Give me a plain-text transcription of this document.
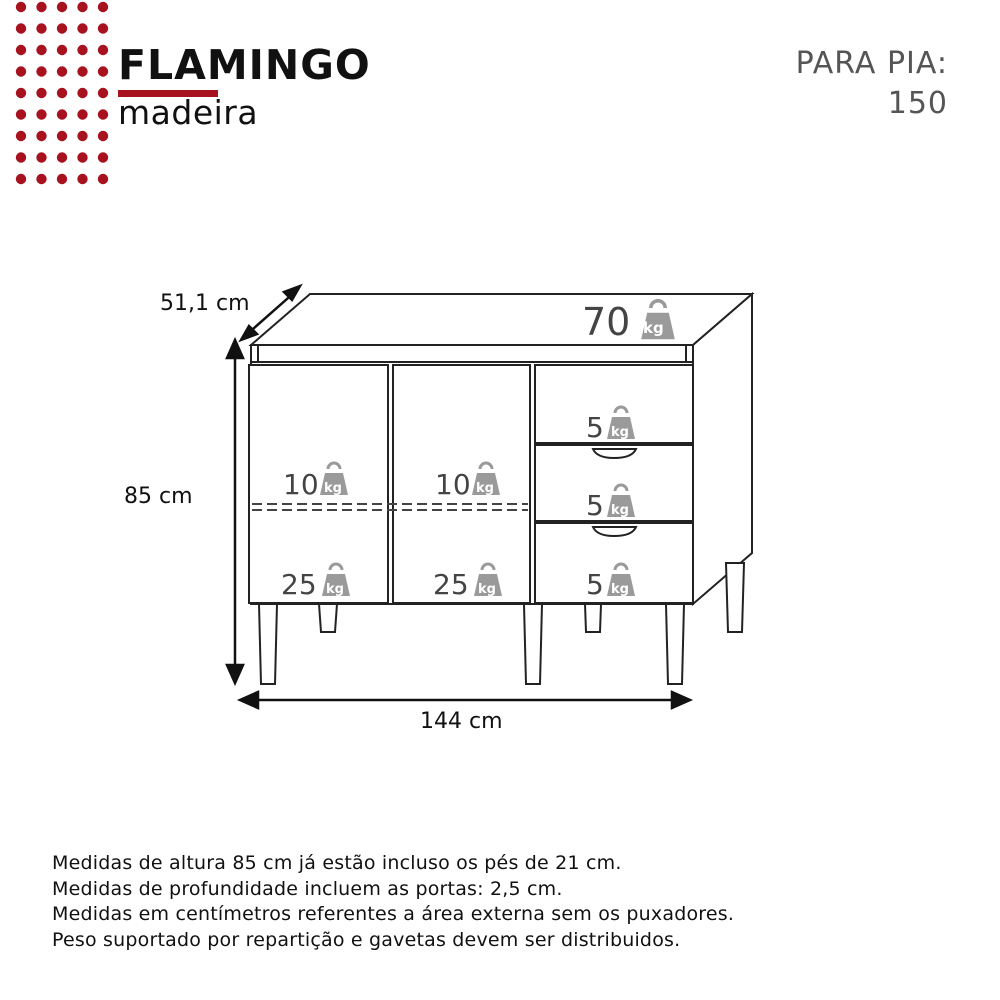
FLAMINGO
madeira
PARA PIA:
150
51,1 cm
85 cm
144 cm
70 kg
5 kg
5 kg
5 kg
10 kg	10 kg
25 kg	25 kg
Medidas de altura 85 cm já estão incluso os pés de 21 cm.
Medidas de profundidade incluem as portas: 2,5 cm.
Medidas em centímetros referentes a área externa sem os puxadores.
Peso suportado por repartição e gavetas devem ser distribuidos.
